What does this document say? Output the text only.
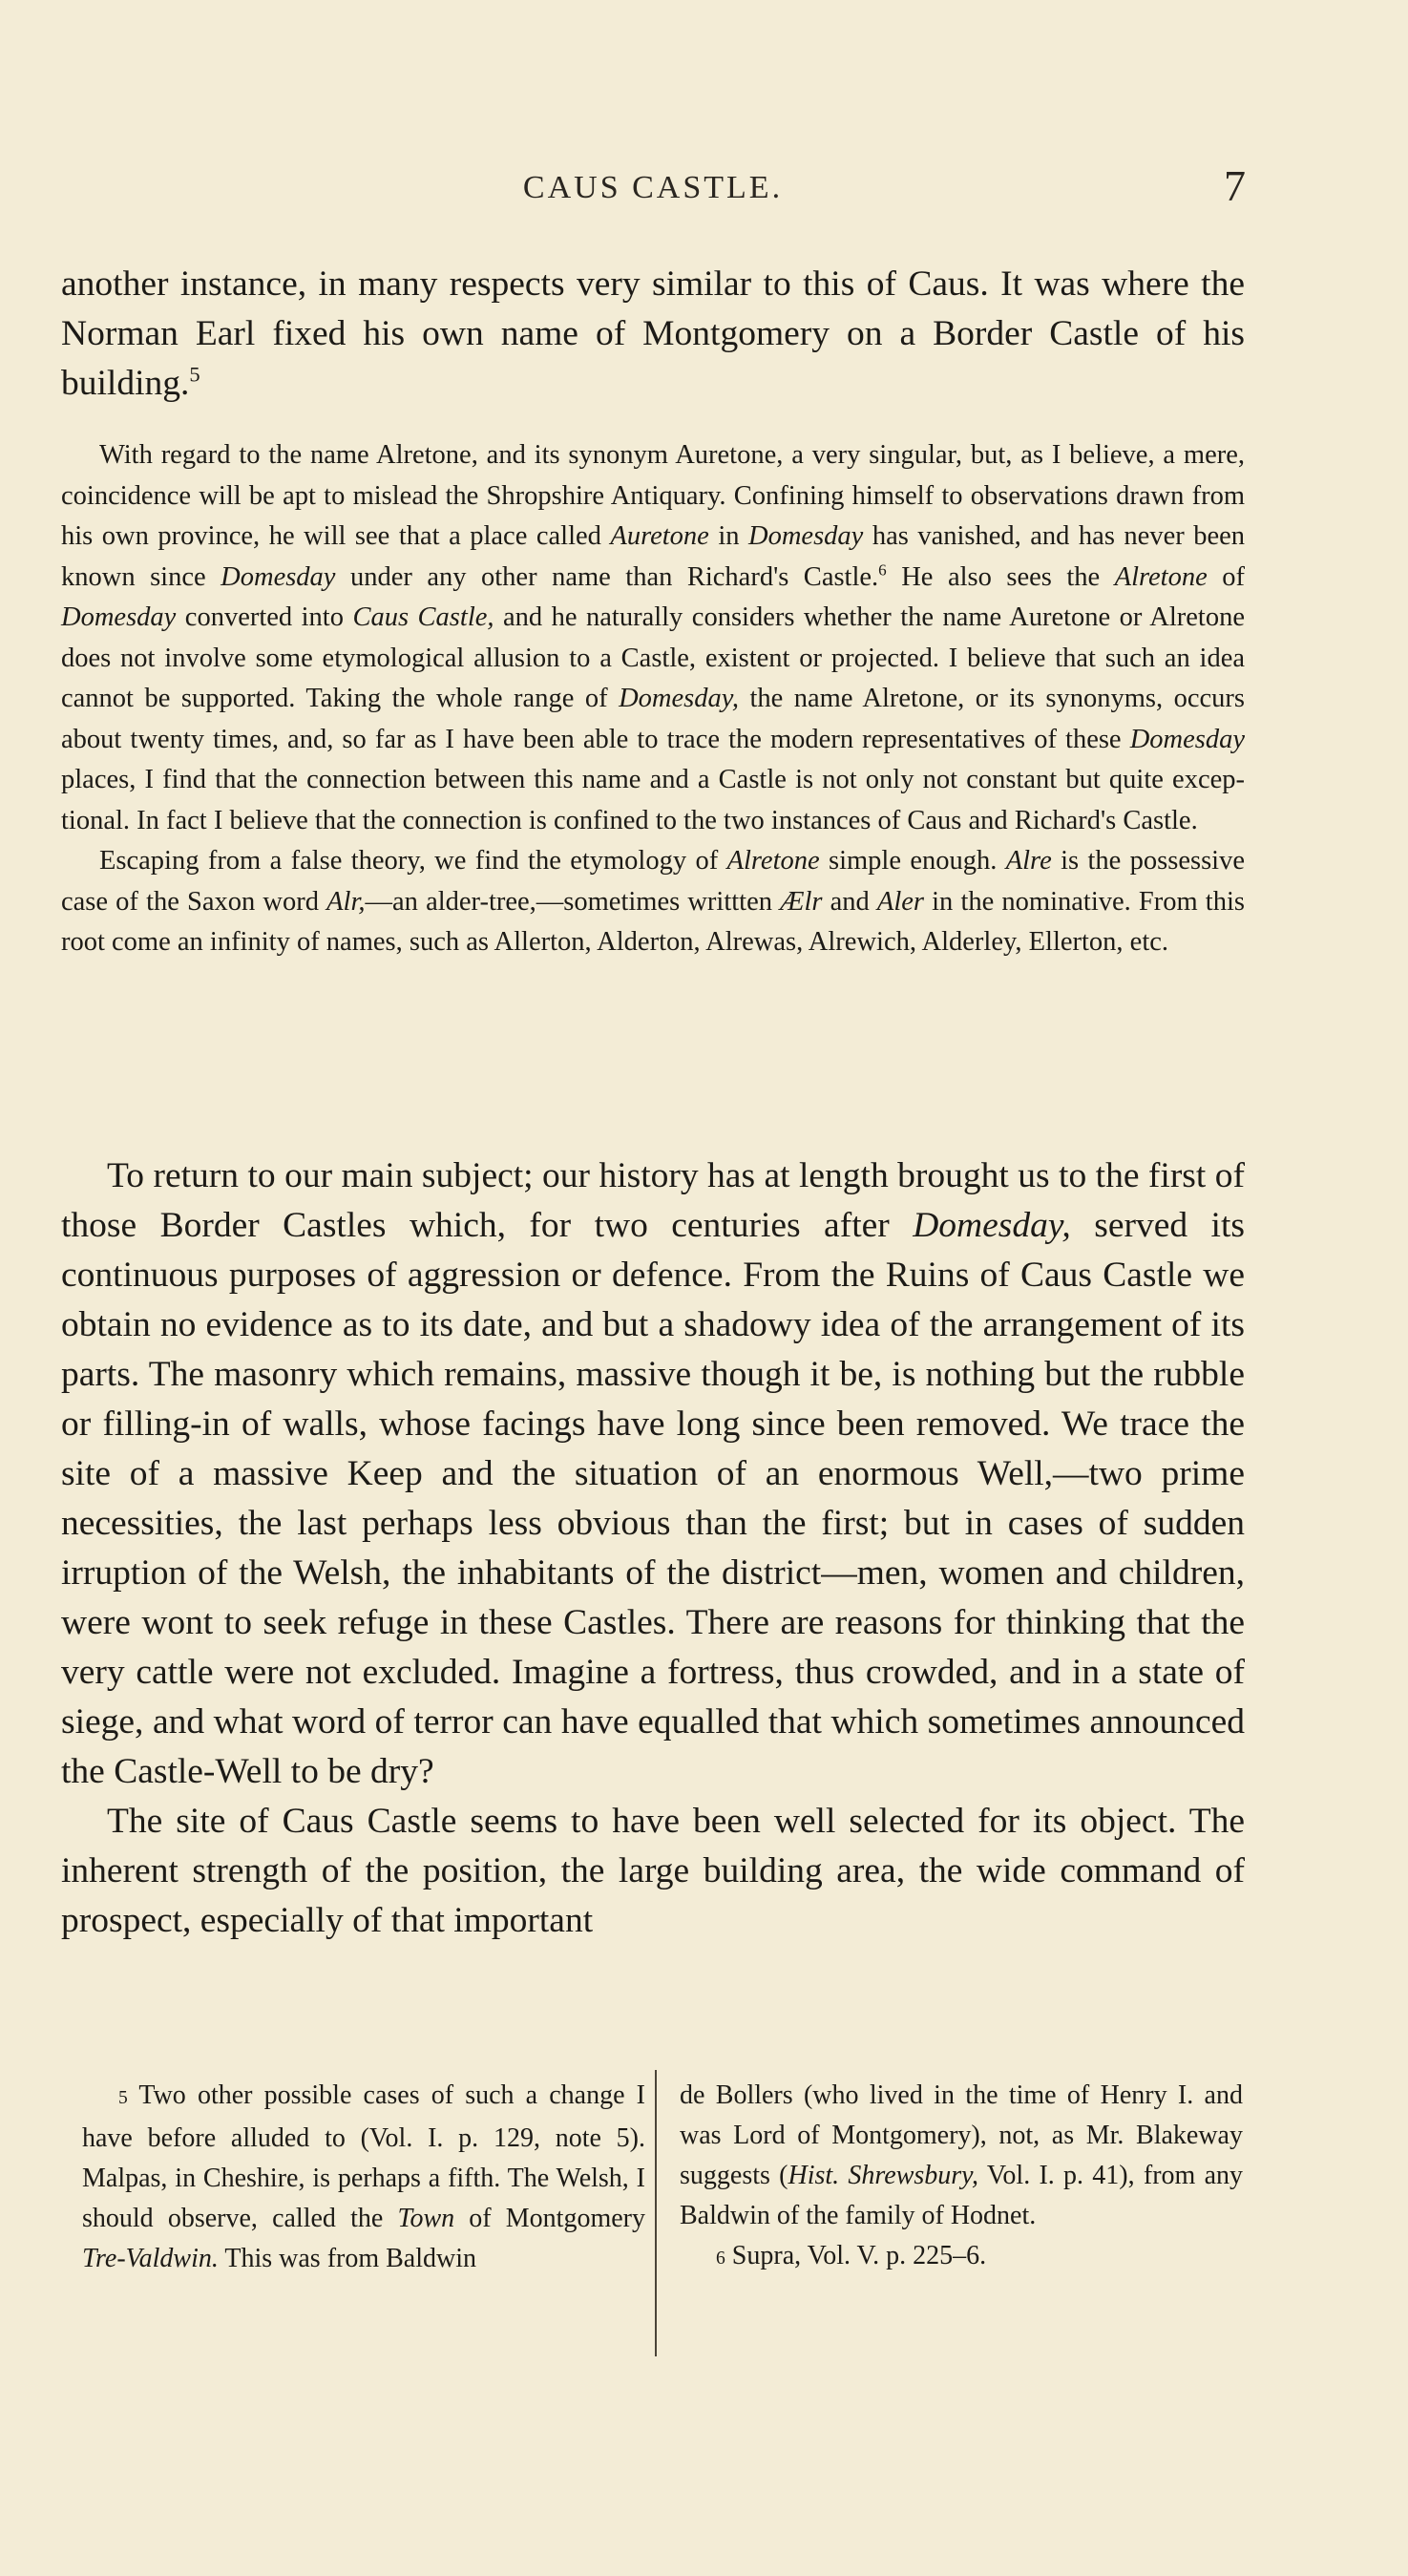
CAUS CASTLE.	7

another instance, in many respects very similar to this of Caus. It was where the Norman Earl fixed his own name of Montgomery on a Border Castle of his building.$^5$

With regard to the name Alretone, and its synonym Auretone, a very singular, but, as I believe, a mere, coincidence will be apt to mislead the Shropshire Antiquary. Confining himself to observations drawn from his own province, he will see that a place called Auretone in Domesday has vanished, and has never been known since Domesday under any other name than Richard's Castle.$^6$ He also sees the Alretone of Domesday converted into Caus Castle, and he naturally considers whether the name Auretone or Alretone does not involve some etymological allusion to a Castle, existent or projected. I believe that such an idea cannot be supported. Taking the whole range of Domesday, the name Alretone, or its synonyms, occurs about twenty times, and, so far as I have been able to trace the modern representatives of these Domesday places, I find that the connection between this name and a Castle is not only not constant but quite exceptional. In fact I believe that the connection is confined to the two instances of Caus and Richard's Castle.

Escaping from a false theory, we find the etymology of Alretone simple enough. Alre is the possessive case of the Saxon word Alr,—an alder-tree,—sometimes writtten Ælr and Aler in the nominative. From this root come an infinity of names, such as Allerton, Alderton, Alrewas, Alrewich, Alderley, Ellerton, etc.

To return to our main subject; our history has at length brought us to the first of those Border Castles which, for two centuries after Domesday, served its continuous purposes of aggression or defence. From the Ruins of Caus Castle we obtain no evidence as to its date, and but a shadowy idea of the arrangement of its parts. The masonry which remains, massive though it be, is nothing but the rubble or filling-in of walls, whose facings have long since been removed. We trace the site of a massive Keep and the situation of an enormous Well,—two prime necessities, the last perhaps less obvious than the first; but in cases of sudden irruption of the Welsh, the inhabitants of the district—men, women and children, were wont to seek refuge in these Castles. There are reasons for thinking that the very cattle were not excluded. Imagine a fortress, thus crowded, and in a state of siege, and what word of terror can have equalled that which sometimes announced the Castle-Well to be dry?

The site of Caus Castle seems to have been well selected for its object. The inherent strength of the position, the large building area, the wide command of prospect, especially of that important

5 Two other possible cases of such a change I have before alluded to (Vol. I. p. 129, note 5). Malpas, in Cheshire, is perhaps a fifth. The Welsh, I should observe, called the Town of Montgomery Tre-Valdwin. This was from Baldwin

de Bollers (who lived in the time of Henry I. and was Lord of Montgomery), not, as Mr. Blakeway suggests (Hist. Shrewsbury, Vol. I. p. 41), from any Baldwin of the family of Hodnet.

6 Supra, Vol. V. p. 225–6.
